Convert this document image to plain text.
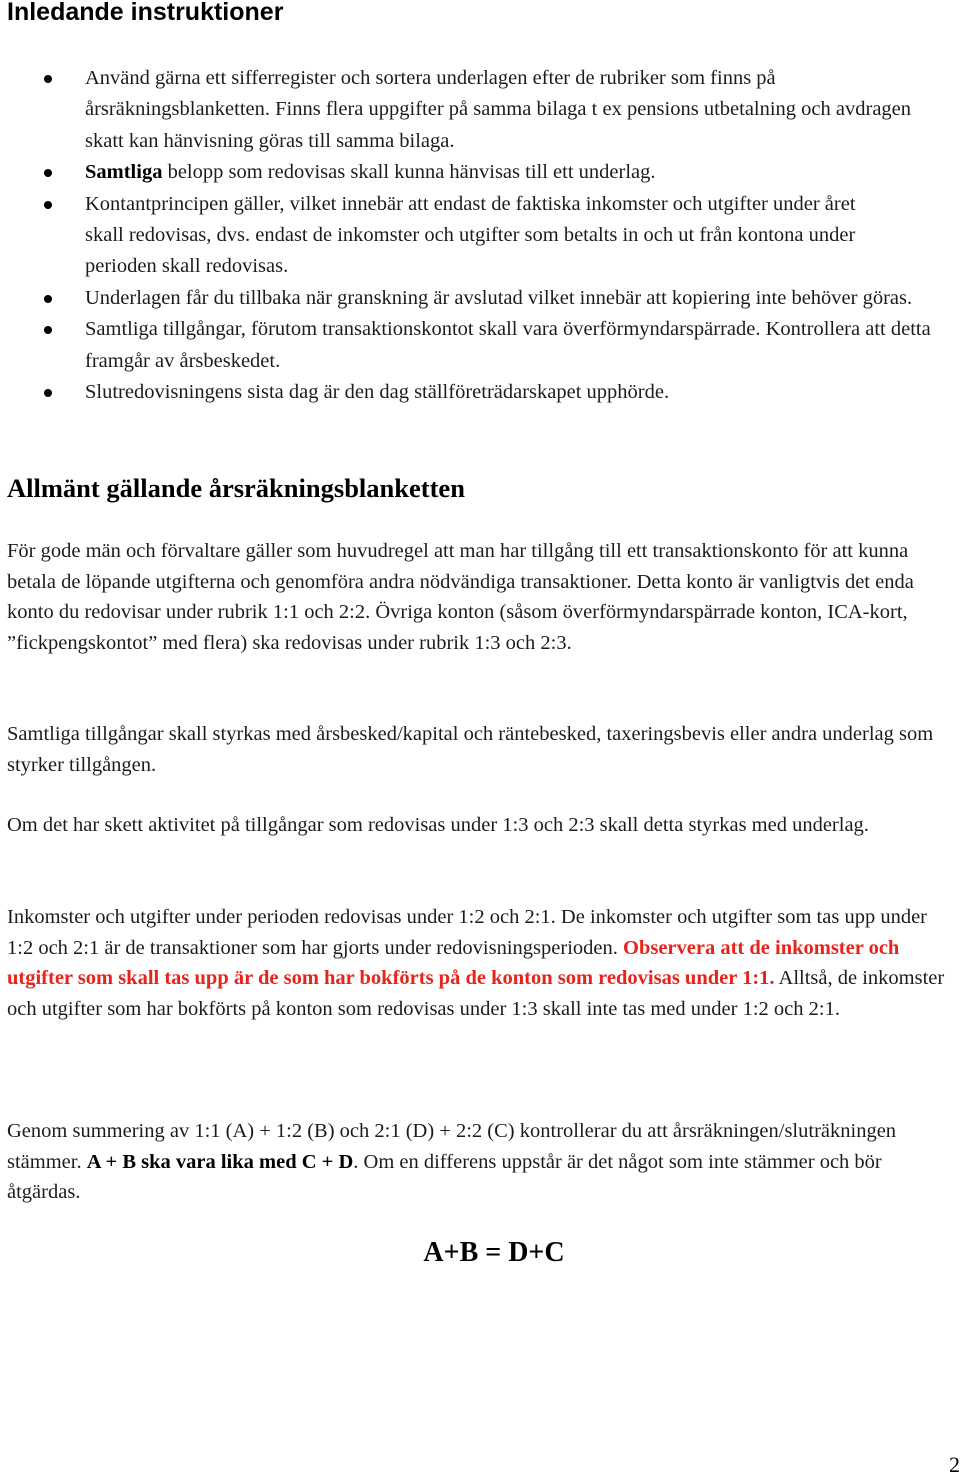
Inledande instruktioner
Använd gärna ett sifferregister och sortera underlagen efter de rubriker som finns på årsräkningsblanketten. Finns flera uppgifter på samma bilaga t ex pensions utbetalning och avdragen skatt kan hänvisning göras till samma bilaga.
Samtliga belopp som redovisas skall kunna hänvisas till ett underlag.
Kontantprincipen gäller, vilket innebär att endast de faktiska inkomster och utgifter under året skall redovisas, dvs. endast de inkomster och utgifter som betalts in och ut från kontona under perioden skall redovisas.
Underlagen får du tillbaka när granskning är avslutad vilket innebär att kopiering inte behöver göras.
Samtliga tillgångar, förutom transaktionskontot skall vara överförmyndarspärrade. Kontrollera att detta framgår av årsbeskedet.
Slutredovisningens sista dag är den dag ställföreträdarskapet upphörde.
Allmänt gällande årsräkningsblanketten

För gode män och förvaltare gäller som huvudregel att man har tillgång till ett transaktionskonto för att kunna betala de löpande utgifterna och genomföra andra nödvändiga transaktioner. Detta konto är vanligtvis det enda konto du redovisar under rubrik 1:1 och 2:2. Övriga konton (såsom överförmyndarspärrade konton, ICA-kort, ”fickpengskontot” med flera) ska redovisas under rubrik 1:3 och 2:3.

Samtliga tillgångar skall styrkas med årsbesked/kapital och räntebesked, taxeringsbevis eller andra underlag som styrker tillgången.

Om det har skett aktivitet på tillgångar som redovisas under 1:3 och 2:3 skall detta styrkas med underlag.

Inkomster och utgifter under perioden redovisas under 1:2 och 2:1. De inkomster och utgifter som tas upp under 1:2 och 2:1 är de transaktioner som har gjorts under redovisningsperioden. Observera att de inkomster och utgifter som skall tas upp är de som har bokförts på de konton som redovisas under 1:1. Alltså, de inkomster och utgifter som har bokförts på konton som redovisas under 1:3 skall inte tas med under 1:2 och 2:1.

Genom summering av 1:1 (A) + 1:2 (B) och 2:1 (D) + 2:2 (C) kontrollerar du att årsräkningen/sluträkningen stämmer. A + B ska vara lika med C + D. Om en differens uppstår är det något som inte stämmer och bör åtgärdas.

A+B = D+C

2
